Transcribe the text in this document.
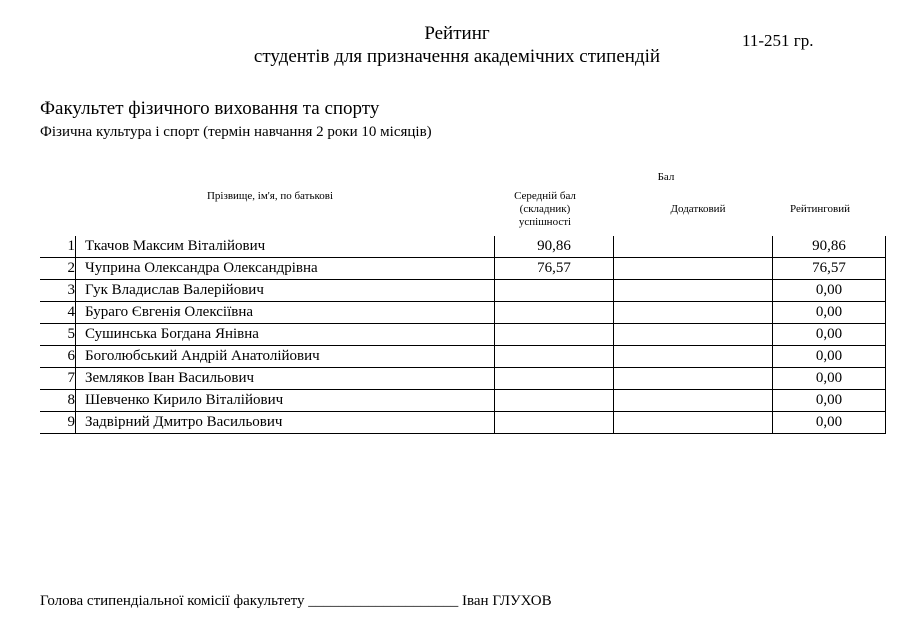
Рейтинг
студентів для призначення академічних стипендій
11-251 гр.
Факультет фізичного виховання та спорту
Фізична культура і спорт (термін навчання 2 роки 10 місяців)
Бал
Прізвище, ім'я, по батькові	Середній бал (складник) успішності
Додатковий	Рейтинговий
1	Ткачов Максим Віталійович	90,86		90,86
2	Чуприна Олександра Олександрівна	76,57		76,57
3	Гук Владислав Валерійович			0,00
4	Бураго Євгенія Олексіївна			0,00
5	Сушинська Богдана Янівна			0,00
6	Боголюбський Андрій Анатолійович			0,00
7	Земляков Іван Васильович			0,00
8	Шевченко Кирило Віталійович			0,00
9	Задвірний Дмитро Васильович			0,00
Голова стипендіальної комісії факультету ____________________ Іван ГЛУХОВ
